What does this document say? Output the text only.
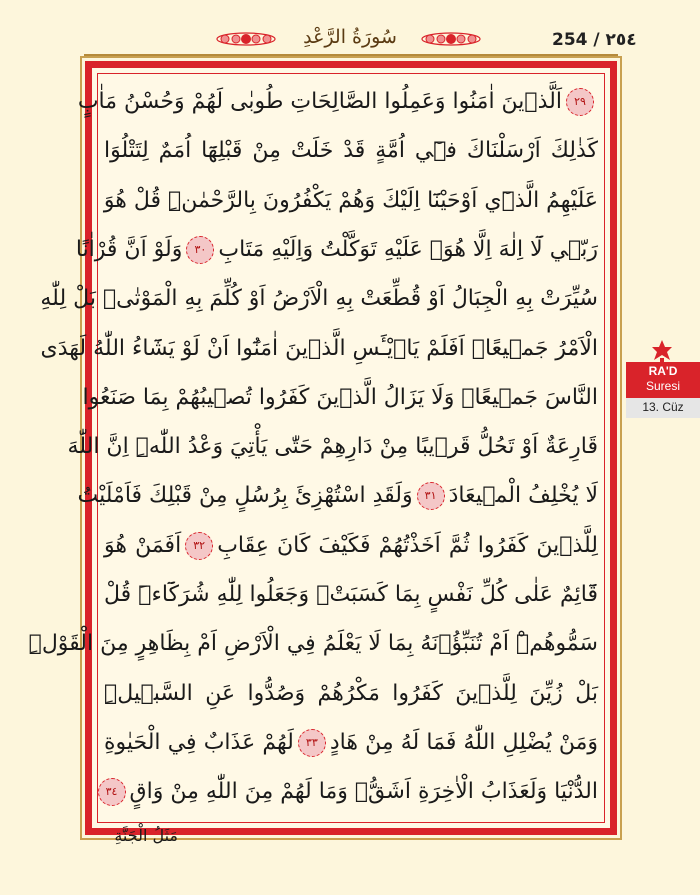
سُورَةُ الرَّعْدِ	254 / ٢٥٤
٢٩اَلَّذ۪ينَ اٰمَنُوا وَعَمِلُوا الصَّالِحَاتِ طُوبٰى لَهُمْ وَحُسْنُ مَاٰبٍ
كَذٰلِكَ اَرْسَلْنَاكَ ف۪ٓي اُمَّةٍ قَدْ خَلَتْ مِنْ قَبْلِهَٓا اُمَمٌ لِتَتْلُوَا
عَلَيْهِمُ الَّذ۪ٓي اَوْحَيْنَٓا اِلَيْكَ وَهُمْ يَكْفُرُونَ بِالرَّحْمٰنِۜ قُلْ هُوَ
رَبّ۪ي لَٓا اِلٰهَ اِلَّا هُوَۚ عَلَيْهِ تَوَكَّلْتُ وَاِلَيْهِ مَتَابِ٣٠وَلَوْ اَنَّ قُرْاٰنًا
سُيِّرَتْ بِهِ الْجِبَالُ اَوْ قُطِّعَتْ بِهِ الْاَرْضُ اَوْ كُلِّمَ بِهِ الْمَوْتٰىۜ بَلْ لِلّٰهِ
الْاَمْرُ جَم۪يعًاۜ اَفَلَمْ يَا۬يْـَٔسِ الَّذ۪ينَ اٰمَنُٓوا اَنْ لَوْ يَشَٓاءُ اللّٰهُ لَهَدَى
النَّاسَ جَم۪يعًاۜ وَلَا يَزَالُ الَّذ۪ينَ كَفَرُوا تُص۪يبُهُمْ بِمَا صَنَعُوا
قَارِعَةٌ اَوْ تَحُلُّ قَر۪يبًا مِنْ دَارِهِمْ حَتّٰى يَأْتِيَ وَعْدُ اللّٰهِۜ اِنَّ اللّٰهَ
لَا يُخْلِفُ الْم۪يعَادَ٣١وَلَقَدِ اسْتُهْزِئَ بِرُسُلٍ مِنْ قَبْلِكَ فَاَمْلَيْتُ
لِلَّذ۪ينَ كَفَرُوا ثُمَّ اَخَذْتُهُمْ فَكَيْفَ كَانَ عِقَابِ٣٢اَفَمَنْ هُوَ
قَٓائِمٌ عَلٰى كُلِّ نَفْسٍ بِمَا كَسَبَتْۚ وَجَعَلُوا لِلّٰهِ شُرَكَٓاءَۜ قُلْ
سَمُّوهُمْۜ اَمْ تُنَبِّؤُ۫نَهُ بِمَا لَا يَعْلَمُ فِي الْاَرْضِ اَمْ بِظَاهِرٍ مِنَ الْقَوْلِۜ
بَلْ زُيِّنَ لِلَّذ۪ينَ كَفَرُوا مَكْرُهُمْ وَصُدُّوا عَنِ السَّب۪يلِۜ
وَمَنْ يُضْلِلِ اللّٰهُ فَمَا لَهُ مِنْ هَادٍ٣٣لَهُمْ عَذَابٌ فِي الْحَيٰوةِ
الدُّنْيَا وَلَعَذَابُ الْاٰخِرَةِ اَشَقُّۚ وَمَا لَهُمْ مِنَ اللّٰهِ مِنْ وَاقٍ٣٤
مَثَلُ الْجَنَّةِ
RA'D
Suresi
13. Cüz
